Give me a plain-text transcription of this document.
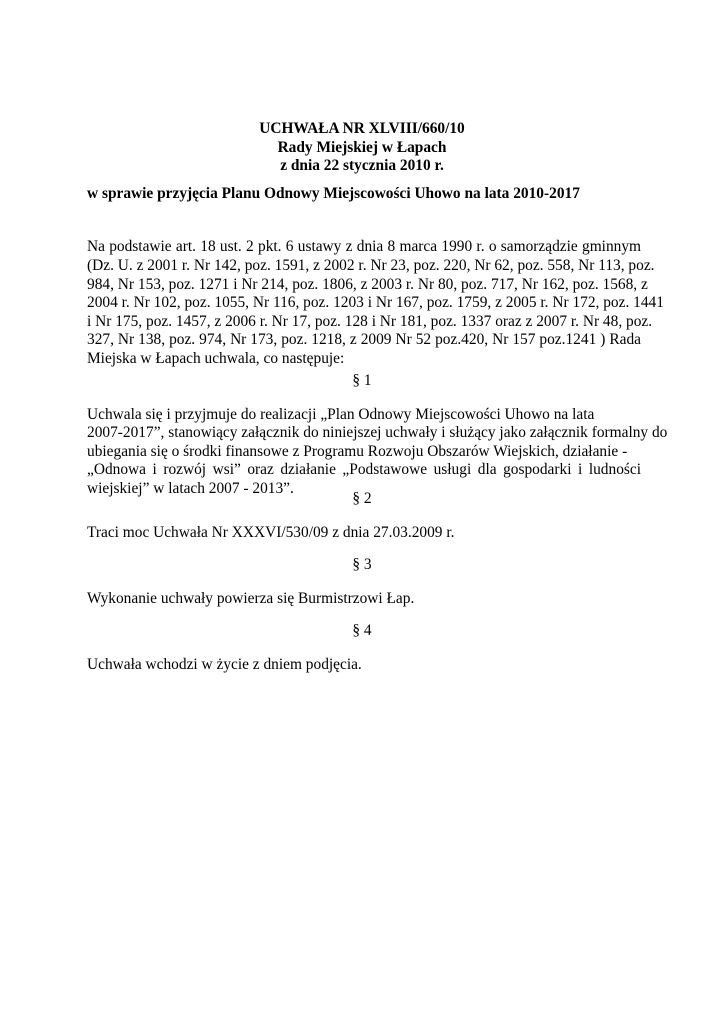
UCHWAŁA NR XLVIII/660/10
Rady Miejskiej w Łapach
z dnia 22 stycznia 2010 r.
w sprawie przyjęcia Planu Odnowy Miejscowości Uhowo na lata 2010-2017
Na podstawie art. 18 ust. 2 pkt. 6 ustawy z dnia 8 marca 1990 r. o samorządzie gminnym
(Dz. U. z 2001 r. Nr 142, poz. 1591, z 2002 r. Nr 23, poz. 220, Nr 62, poz. 558, Nr 113, poz.
984, Nr 153, poz. 1271 i Nr 214, poz. 1806, z 2003 r. Nr 80, poz. 717, Nr 162, poz. 1568, z
2004 r. Nr 102, poz. 1055, Nr 116, poz. 1203 i Nr 167, poz. 1759, z 2005 r. Nr 172, poz. 1441
i Nr 175, poz. 1457, z 2006 r. Nr 17, poz. 128 i Nr 181, poz. 1337 oraz z 2007 r. Nr 48, poz.
327, Nr 138, poz. 974, Nr 173, poz. 1218, z 2009 Nr 52 poz.420, Nr 157 poz.1241 ) Rada
Miejska w Łapach uchwala, co następuje:
§ 1
Uchwala się i przyjmuje do realizacji „Plan Odnowy Miejscowości Uhowo na lata
2007-2017”, stanowiący załącznik do niniejszej uchwały i służący jako załącznik formalny do
ubiegania się o środki finansowe z Programu Rozwoju Obszarów Wiejskich, działanie -
„Odnowa i rozwój wsi” oraz działanie „Podstawowe usługi dla gospodarki i ludności
wiejskiej” w latach 2007 - 2013”.
§ 2
Traci moc Uchwała Nr XXXVI/530/09 z dnia 27.03.2009 r.
§ 3
Wykonanie uchwały powierza się Burmistrzowi Łap.
§ 4
Uchwała wchodzi w życie z dniem podjęcia.
